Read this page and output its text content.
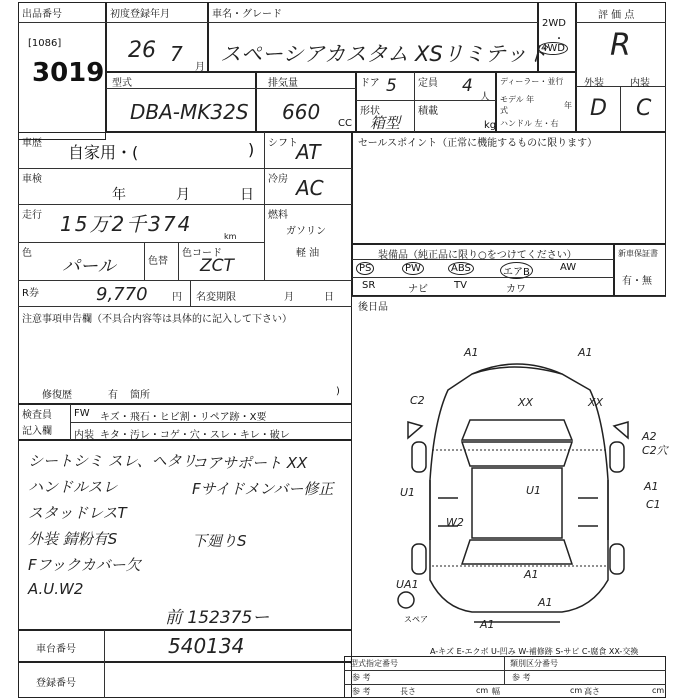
出品番号
[1086]
3019
初度登録年月
26 7
月
車名・グレード
スペーシアカスタム XSリミテッド
2WD
・
4WD
評 価 点
R
型式
DBA-MK32S
排気量
660 CC
ドア 5 定員 4
人
形状
箱型
積載
kg
ディーラー・並行
モデル 年式
年
ハンドル 左・右
外装	内装
D C
車歴 自家用・(	) シフト
AT
車検
年	月	日
冷房 AC
走行 15万2千374
km
燃料
ガソリン
軽 油
色
パール	色替
色コード
ZCT
R券	9,770 円 名変期限	月	日
注意事項申告欄（不具合内容等は具体的に記入して下さい）
修復歴	有 箇所	)
セールスポイント（正常に機能するものに限ります）
装備品（純正品に限り○をつけてください）
PS	PW	ABS	エアB	AW
SR	ナビ	TV	カワ
新車保証書
有・無
後日品
検査員
記入欄
FW キズ・飛石・ヒビ割・リペア跡・X要
内装 キタ・汚レ・コゲ・穴・スレ・キレ・破レ
シートシミ スレ、ヘタリ
ハンドルスレ
スタッドレスT
外装 錆粉有S
Fフックカバー欠
A.U.W2
コアサポート XX
Fサイドメンバー修正
下廻りS
前 152375ー
車台番号	540134
登録番号
型式指定番号
参 考
類別区分番号
参 考
参 考	長さ	cm 幅	cm 高さ	cm
A-キズ E-エクボ U-凹み W-補修跡 S-サビ C-腐食 XX-交換
A1	A1
C2	XX	XX
A2
C2穴
U1	U1	A1
C1
W2
A1
UA1
A1
A1
スペア
